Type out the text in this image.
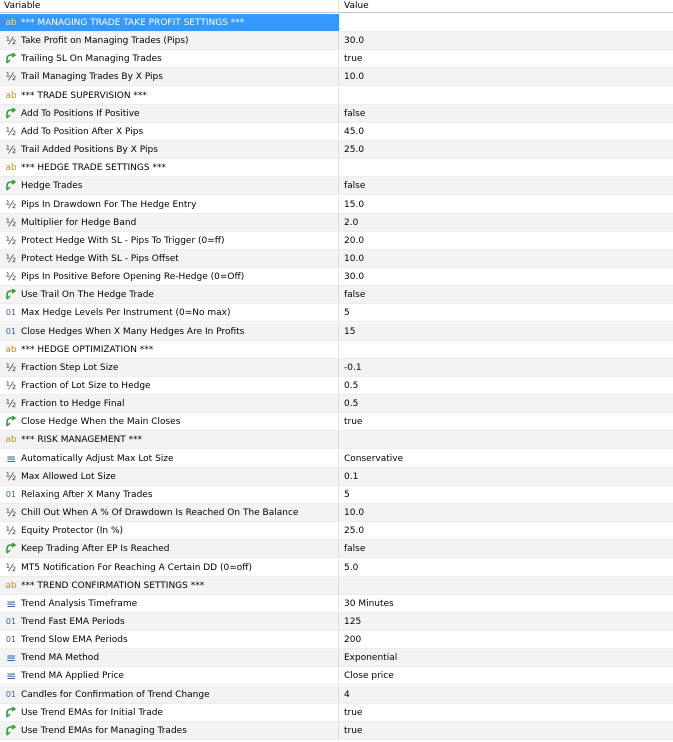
Variable	Value
ab *** MANAGING TRADE TAKE PROFIT SETTINGS ***
½ Take Profit on Managing Trades (Pips)	30.0
Trailing SL On Managing Trades	true
½ Trail Managing Trades By X Pips	10.0
ab *** TRADE SUPERVISION ***
Add To Positions If Positive	false
½ Add To Position After X Pips	45.0
½ Trail Added Positions By X Pips	25.0
ab *** HEDGE TRADE SETTINGS ***
Hedge Trades	false
½ Pips In Drawdown For The Hedge Entry	15.0
½ Multiplier for Hedge Band	2.0
½ Protect Hedge With SL - Pips To Trigger (0=ff)	20.0
½ Protect Hedge With SL - Pips Offset	10.0
½ Pips In Positive Before Opening Re-Hedge (0=Off)	30.0
Use Trail On The Hedge Trade	false
01 Max Hedge Levels Per Instrument (0=No max)	5
01 Close Hedges When X Many Hedges Are In Profits	15
ab *** HEDGE OPTIMIZATION ***
½ Fraction Step Lot Size	-0.1
½ Fraction of Lot Size to Hedge	0.5
½ Fraction to Hedge Final	0.5
Close Hedge When the Main Closes	true
ab *** RISK MANAGEMENT ***
≡ Automatically Adjust Max Lot Size	Conservative
½ Max Allowed Lot Size	0.1
01 Relaxing After X Many Trades	5
½ Chill Out When A % Of Drawdown Is Reached On The Balance	10.0
½ Equity Protector (In %)	25.0
Keep Trading After EP Is Reached	false
½ MT5 Notification For Reaching A Certain DD (0=off)	5.0
ab *** TREND CONFIRMATION SETTINGS ***
≡ Trend Analysis Timeframe	30 Minutes
01 Trend Fast EMA Periods	125
01 Trend Slow EMA Periods	200
≡ Trend MA Method	Exponential
≡ Trend MA Applied Price	Close price
01 Candles for Confirmation of Trend Change	4
Use Trend EMAs for Initial Trade	true
Use Trend EMAs for Managing Trades	true
